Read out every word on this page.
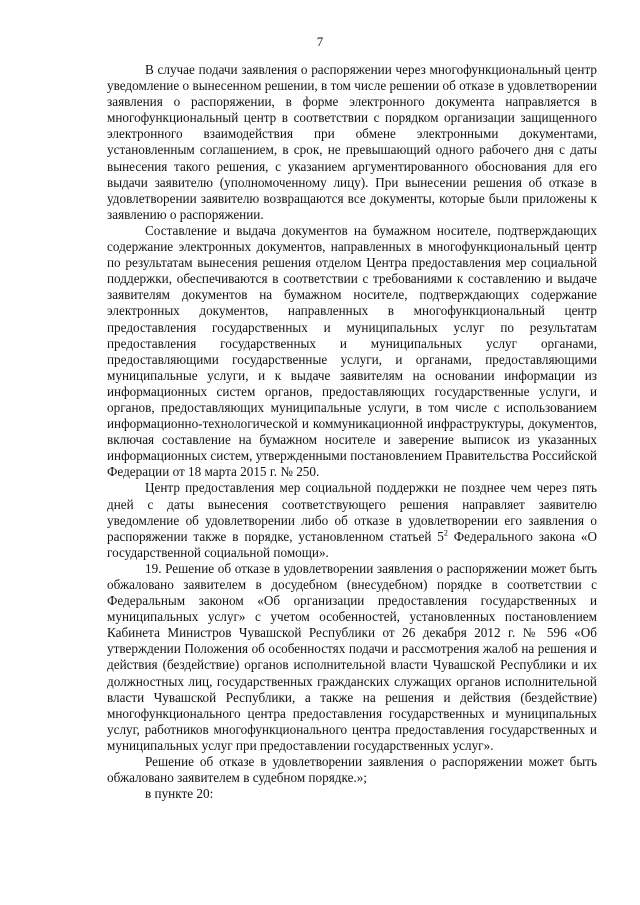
7

В случае подачи заявления о распоряжении через многофункциональный центр уведомление о вынесенном решении, в том числе решении об отказе в удовлетворении заявления о распоряжении, в форме электронного документа направляется в многофункциональный центр в соответствии с порядком организации защищенного электронного взаимодействия при обмене электронными документами, установленным соглашением, в срок, не превышающий одного рабочего дня с даты вынесения такого решения, с указанием аргументированного обоснования для его выдачи заявителю (уполномоченному лицу). При вынесении решения об отказе в удовлетворении заявителю возвращаются все документы, которые были приложены к заявлению о распоряжении.

Составление и выдача документов на бумажном носителе, подтверждающих содержание электронных документов, направленных в многофункциональный центр по результатам вынесения решения отделом Центра предоставления мер социальной поддержки, обеспечиваются в соответствии с требованиями к составлению и выдаче заявителям документов на бумажном носителе, подтверждающих содержание электронных документов, направленных в многофункциональный центр предоставления государственных и муниципальных услуг по результатам предоставления государственных и муниципальных услуг органами, предоставляющими государственные услуги, и органами, предоставляющими муниципальные услуги, и к выдаче заявителям на основании информации из информационных систем органов, предоставляющих государственные услуги, и органов, предоставляющих муниципальные услуги, в том числе с использованием информационно-технологической и коммуникационной инфраструктуры, документов, включая составление на бумажном носителе и заверение выписок из указанных информационных систем, утвержденными постановлением Правительства Российской Федерации от 18 марта 2015 г. № 250.

Центр предоставления мер социальной поддержки не позднее чем через пять дней с даты вынесения соответствующего решения направляет заявителю уведомление об удовлетворении либо об отказе в удовлетворении его заявления о распоряжении также в порядке, установленном статьей $5^2$ Федерального закона «О государственной социальной помощи».

19. Решение об отказе в удовлетворении заявления о распоряжении может быть обжаловано заявителем в досудебном (внесудебном) порядке в соответствии с Федеральным законом «Об организации предоставления государственных и муниципальных услуг» с учетом особенностей, установленных постановлением Кабинета Министров Чувашской Республики от 26 декабря 2012 г. № 596 «Об утверждении Положения об особенностях подачи и рассмотрения жалоб на решения и действия (бездействие) органов исполнительной власти Чувашской Республики и их должностных лиц, государственных гражданских служащих органов исполнительной власти Чувашской Республики, а также на решения и действия (бездействие) многофункционального центра предоставления государственных и муниципальных услуг, работников многофункционального центра предоставления государственных и муниципальных услуг при предоставлении государственных услуг».

Решение об отказе в удовлетворении заявления о распоряжении может быть обжаловано заявителем в судебном порядке.»;

в пункте 20:
